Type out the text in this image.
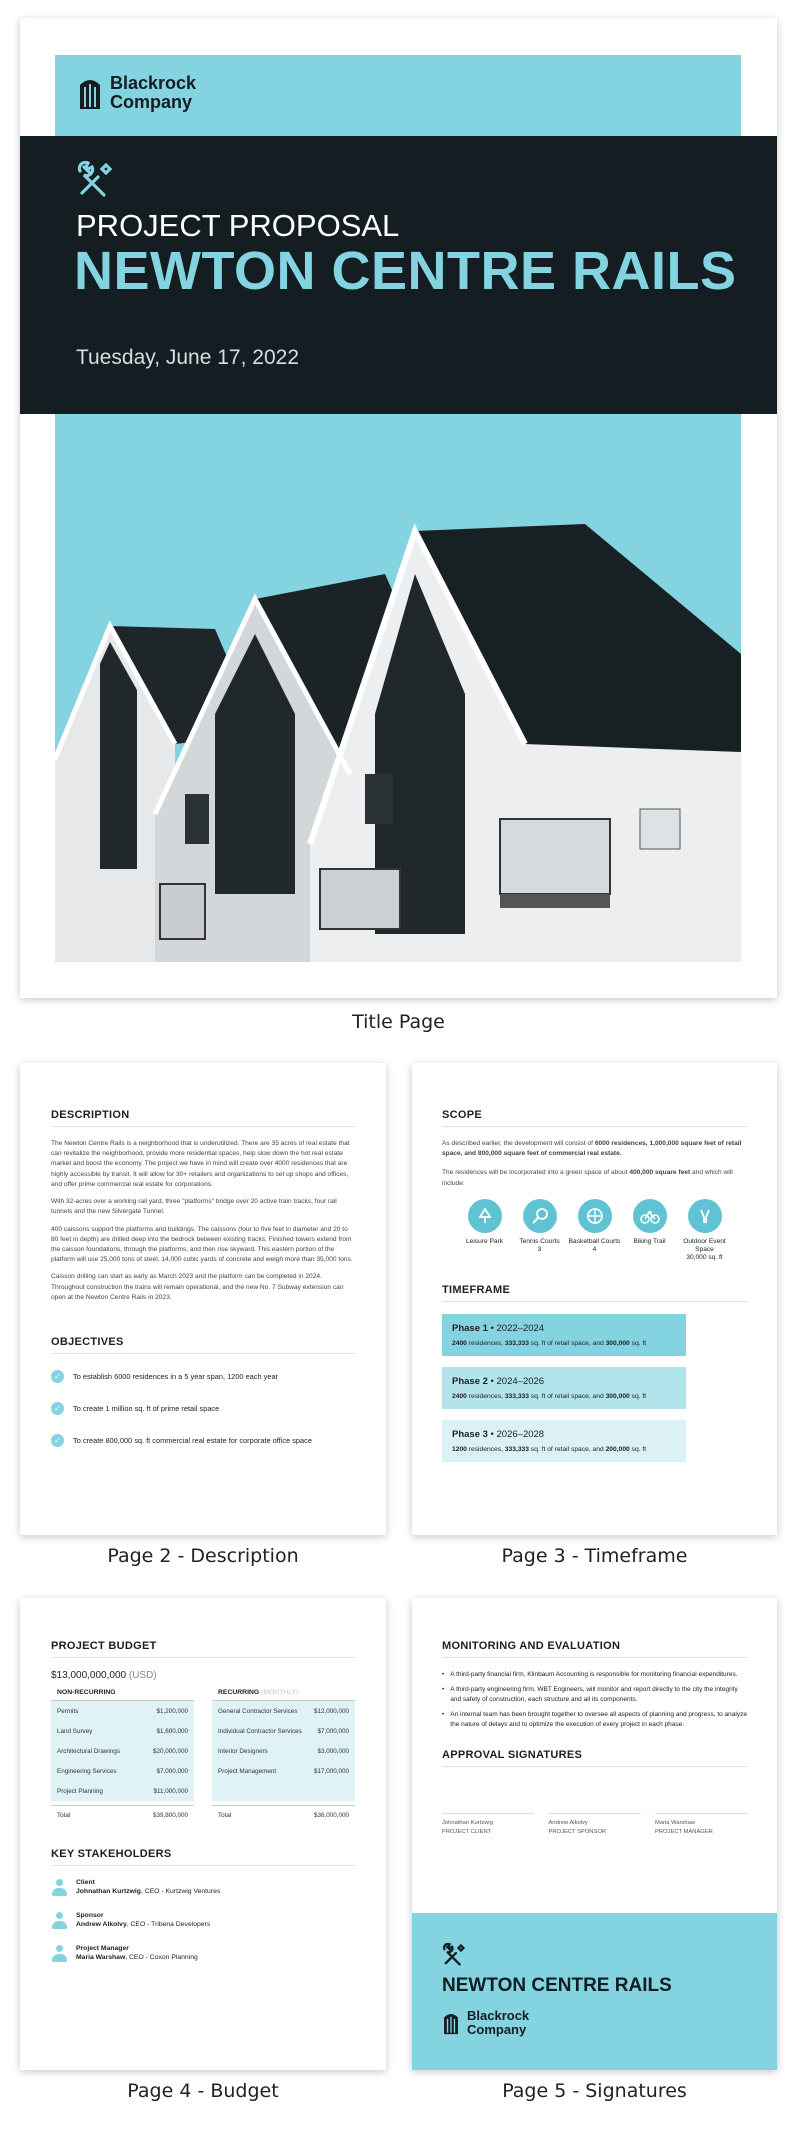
Blackrock
Company
PROJECT PROPOSAL
NEWTON CENTRE RAILS
Tuesday, June 17, 2022
Title Page
DESCRIPTION

The Newton Centre Rails is a neighborhood that is underutilized. There are 35 acres of real estate that can revitalize the neighborhood, provide more residential spaces, help slow down the hot real estate market and boost the economy. The project we have in mind will create over 4000 residences that are highly accessible by transit. It will allow for 30+ retailers and organizations to set up shops and offices, and offer prime commercial real estate for corporations.

With 32-acres over a working rail yard, three "platforms" bridge over 20 active train tracks, four rail tunnels and the new Silvergate Tunnel.

400 caissons support the platforms and buildings. The caissons (four to five feet in diameter and 20 to 80 feet in depth) are drilled deep into the bedrock between existing tracks. Finished towers extend from the caisson foundations, through the platforms, and then rise skyward. This eastern portion of the platform will use 25,000 tons of steel, 14,000 cubic yards of concrete and weigh more than 35,000 tons.

Caisson drilling can start as early as March 2023 and the platform can be completed in 2024. Throughout construction the trains will remain operational, and the new No. 7 Subway extension can open at the Newton Centre Rails in 2023.

OBJECTIVES
✓	To establish 6000 residences in a 5 year span, 1200 each year
✓	To create 1 million sq. ft of prime retail space
✓	To create 800,000 sq. ft commercial real estate for corporate office space
Page 2 - Description
SCOPE

As described earlier, the development will consist of 6000 residences, 1,000,000 square feet of retail space, and 800,000 square feet of commercial real estate.

The residences will be incorporated into a green space of about 400,000 square feet and which will include:

Leisure Park	Tennis Courts
3
Basketball Courts
4
Biking Trail	Outdoor Event Space
30,000 sq. ft
TIMEFRAME
Phase 1 • 2022–2024
2400 residences, 333,333 sq. ft of retail space, and 300,000 sq. ft
Phase 2 • 2024–2026
2400 residences, 333,333 sq. ft of retail space, and 300,000 sq. ft
Phase 3 • 2026–2028
1200 residences, 333,333 sq. ft of retail space, and 200,000 sq. ft
Page 3 - Timeframe
PROJECT BUDGET
$13,000,000,000 (USD)
NON-RECURRING
Permits	$1,200,000
Land Survey	$1,600,000
Architectural Drawings	$20,000,000
Engineering Services	$7,000,000
Project Planning	$11,000,000
Total	$39,800,000
RECURRING (MONTHLY)
General Contractor Services	$12,000,000
Individual Contractor Services	$7,000,000
Interior Designers	$3,000,000
Project Management	$17,000,000

Total	$36,000,000
KEY STAKEHOLDERS
Client
Johnathan Kurtzwig, CEO - Kurtzwig Ventures
Sponsor
Andrew Alkolvy, CEO - Tribena Developers
Project Manager
Maria Warshaw, CEO - Coxon Planning
Page 4 - Budget
MONITORING AND EVALUATION
• A third-party financial firm, Klinbaum Accounting is responsible for monitoring financial expenditures.
• A third-party engineering firm, WBT Engineers, will monitor and report directly to the city the integrity and safety of construction, each structure and all its components.
• An internal team has been brought together to oversee all aspects of planning and progress, to analyze the nature of delays and to optimize the execution of every project in each phase.
APPROVAL SIGNATURES
Johnathan Kurtzwig
PROJECT CLIENT
Andrew Alkolvy
PROJECT SPONSOR
Maria Warshaw
PROJECT MANAGER
NEWTON CENTRE RAILS
Blackrock
Company
Page 5 - Signatures
